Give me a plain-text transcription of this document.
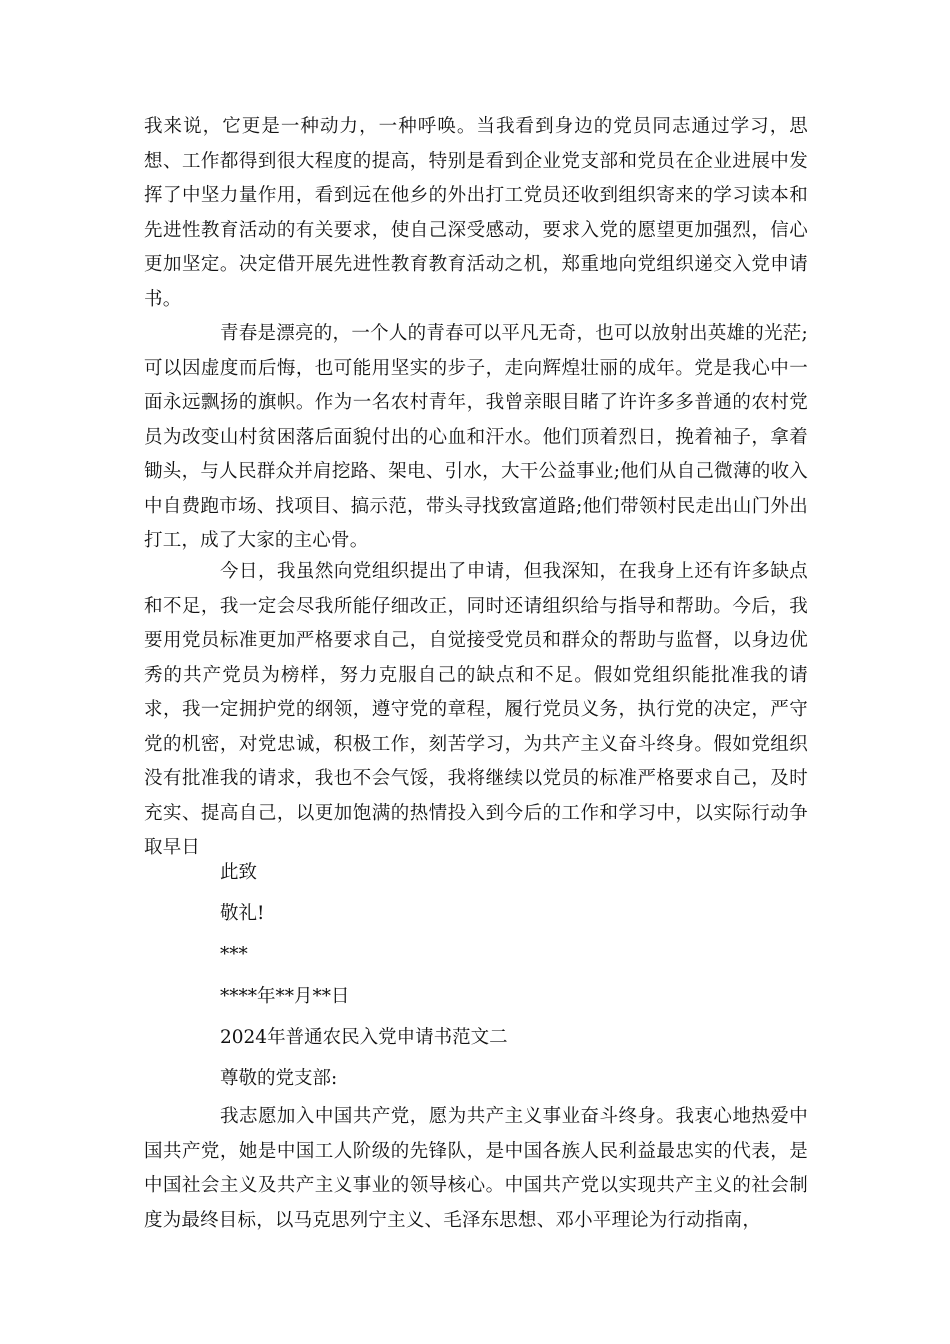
我来说，它更是一种动力，一种呼唤。当我看到身边的党员同志通过学习，思想、工作都得到很大程度的提高，特别是看到企业党支部和党员在企业进展中发挥了中坚力量作用，看到远在他乡的外出打工党员还收到组织寄来的学习读本和先进性教育活动的有关要求，使自己深受感动，要求入党的愿望更加强烈，信心更加坚定。决定借开展先进性教育教育活动之机，郑重地向党组织递交入党申请书。
青春是漂亮的，一个人的青春可以平凡无奇，也可以放射出英雄的光茫;可以因虚度而后悔，也可能用坚实的步子，走向辉煌壮丽的成年。党是我心中一面永远飘扬的旗帜。作为一名农村青年，我曾亲眼目睹了许许多多普通的农村党员为改变山村贫困落后面貌付出的心血和汗水。他们顶着烈日，挽着袖子，拿着锄头，与人民群众并肩挖路、架电、引水，大干公益事业;他们从自己微薄的收入中自费跑市场、找项目、搞示范，带头寻找致富道路;他们带领村民走出山门外出打工，成了大家的主心骨。
今日，我虽然向党组织提出了申请，但我深知，在我身上还有许多缺点和不足，我一定会尽我所能仔细改正，同时还请组织给与指导和帮助。今后，我要用党员标准更加严格要求自己，自觉接受党员和群众的帮助与监督，以身边优秀的共产党员为榜样，努力克服自己的缺点和不足。假如党组织能批准我的请求，我一定拥护党的纲领，遵守党的章程，履行党员义务，执行党的决定，严守党的机密，对党忠诚，积极工作，刻苦学习，为共产主义奋斗终身。假如党组织没有批准我的请求，我也不会气馁，我将继续以党员的标准严格要求自己，及时充实、提高自己，以更加饱满的热情投入到今后的工作和学习中，以实际行动争取早日
此致
敬礼!
***
****年**月**日
2024年普通农民入党申请书范文二
尊敬的党支部:
我志愿加入中国共产党，愿为共产主义事业奋斗终身。我衷心地热爱中国共产党，她是中国工人阶级的先锋队，是中国各族人民利益最忠实的代表，是中国社会主义及共产主义事业的领导核心。中国共产党以实现共产主义的社会制度为最终目标，以马克思列宁主义、毛泽东思想、邓小平理论为行动指南，
